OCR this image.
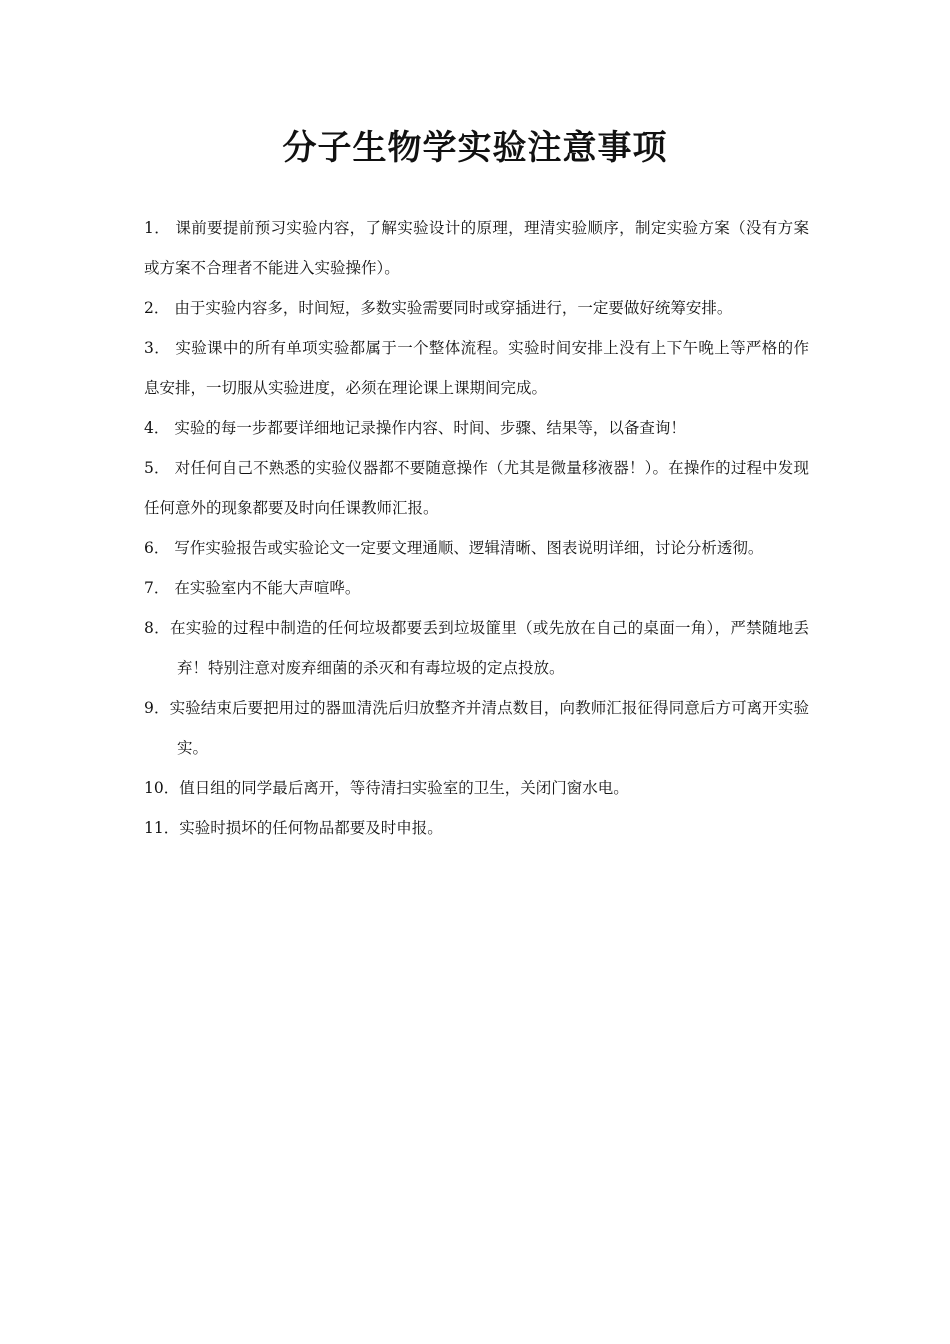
分子生物学实验注意事项
1． 课前要提前预习实验内容，了解实验设计的原理，理清实验顺序，制定实验方案（没有方案或方案不合理者不能进入实验操作）。
2． 由于实验内容多，时间短，多数实验需要同时或穿插进行，一定要做好统筹安排。
3． 实验课中的所有单项实验都属于一个整体流程。实验时间安排上没有上下午晚上等严格的作息安排，一切服从实验进度，必须在理论课上课期间完成。
4． 实验的每一步都要详细地记录操作内容、时间、步骤、结果等，以备查询！
5． 对任何自己不熟悉的实验仪器都不要随意操作（尤其是微量移液器！）。在操作的过程中发现任何意外的现象都要及时向任课教师汇报。
6． 写作实验报告或实验论文一定要文理通顺、逻辑清晰、图表说明详细，讨论分析透彻。
7． 在实验室内不能大声喧哗。
8．在实验的过程中制造的任何垃圾都要丢到垃圾篚里（或先放在自己的桌面一角），严禁随地丢弃！特别注意对废弃细菌的杀灭和有毒垃圾的定点投放。
9．实验结束后要把用过的器皿清洗后归放整齐并清点数目，向教师汇报征得同意后方可离开实验实。
10．值日组的同学最后离开，等待清扫实验室的卫生，关闭门窗水电。
11．实验时损坏的任何物品都要及时申报。
